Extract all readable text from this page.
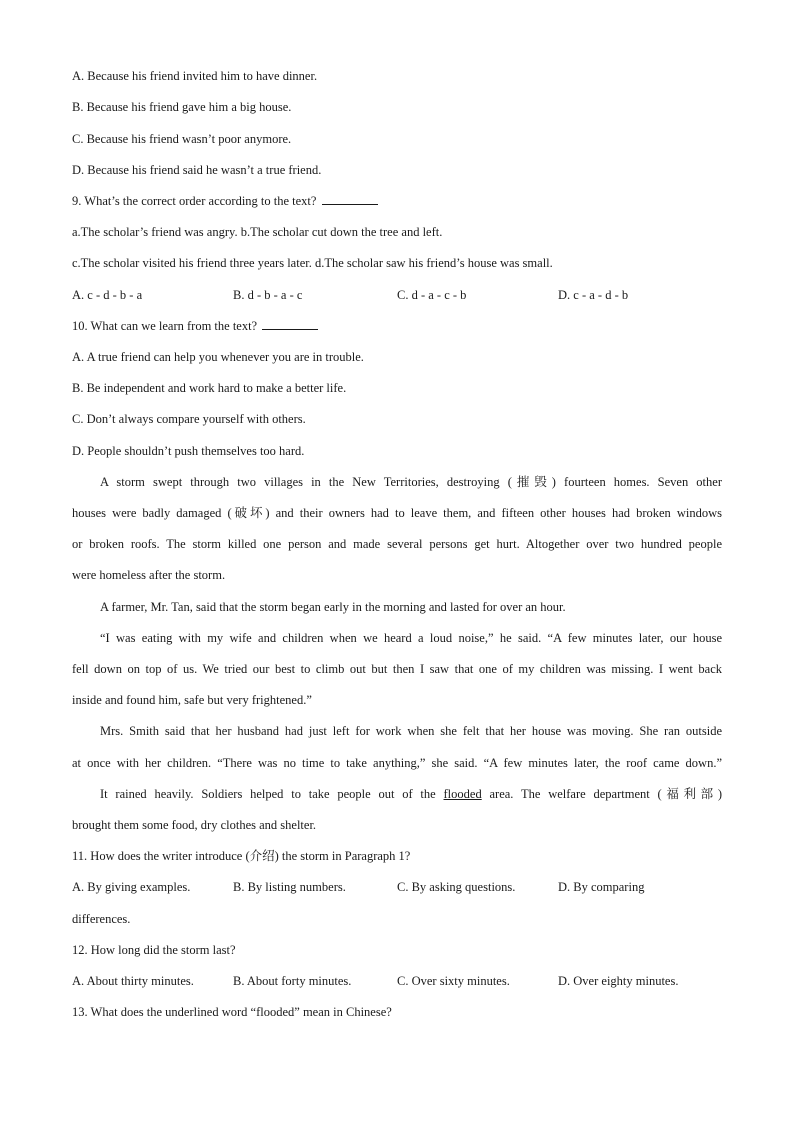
A. Because his friend invited him to have dinner.
B. Because his friend gave him a big house.
C. Because his friend wasn’t poor anymore.
D. Because his friend said he wasn’t a true friend.
9. What’s the correct order according to the text?
a.The scholar’s friend was angry. b.The scholar cut down the tree and left.
c.The scholar visited his friend three years later. d.The scholar saw his friend’s house was small.
A. c - d - b - a	B. d - b - a - c	C. d - a - c - b	D. c - a - d - b
10. What can we learn from the text?
A. A true friend can help you whenever you are in trouble.
B. Be independent and work hard to make a better life.
C. Don’t always compare yourself with others.
D. People shouldn’t push themselves too hard.
A storm swept through two villages in the New Territories, destroying (摧毁) fourteen homes. Seven other
houses were badly damaged (破坏) and their owners had to leave them, and fifteen other houses had broken windows
or broken roofs. The storm killed one person and made several persons get hurt. Altogether over two hundred people
were homeless after the storm.
A farmer, Mr. Tan, said that the storm began early in the morning and lasted for over an hour.
“I was eating with my wife and children when we heard a loud noise,” he said. “A few minutes later, our house
fell down on top of us. We tried our best to climb out but then I saw that one of my children was missing. I went back
inside and found him, safe but very frightened.”
Mrs. Smith said that her husband had just left for work when she felt that her house was moving. She ran outside
at once with her children. “There was no time to take anything,” she said. “A few minutes later, the roof came down.”
It rained heavily. Soldiers helped to take people out of the flooded area. The welfare department (福利部)
brought them some food, dry clothes and shelter.
11. How does the writer introduce (介绍) the storm in Paragraph 1?
A. By giving examples.	B. By listing numbers.	C. By asking questions.	D. By comparing
differences.
12. How long did the storm last?
A. About thirty minutes.	B. About forty minutes.	C. Over sixty minutes.	D. Over eighty minutes.
13. What does the underlined word “flooded” mean in Chinese?
